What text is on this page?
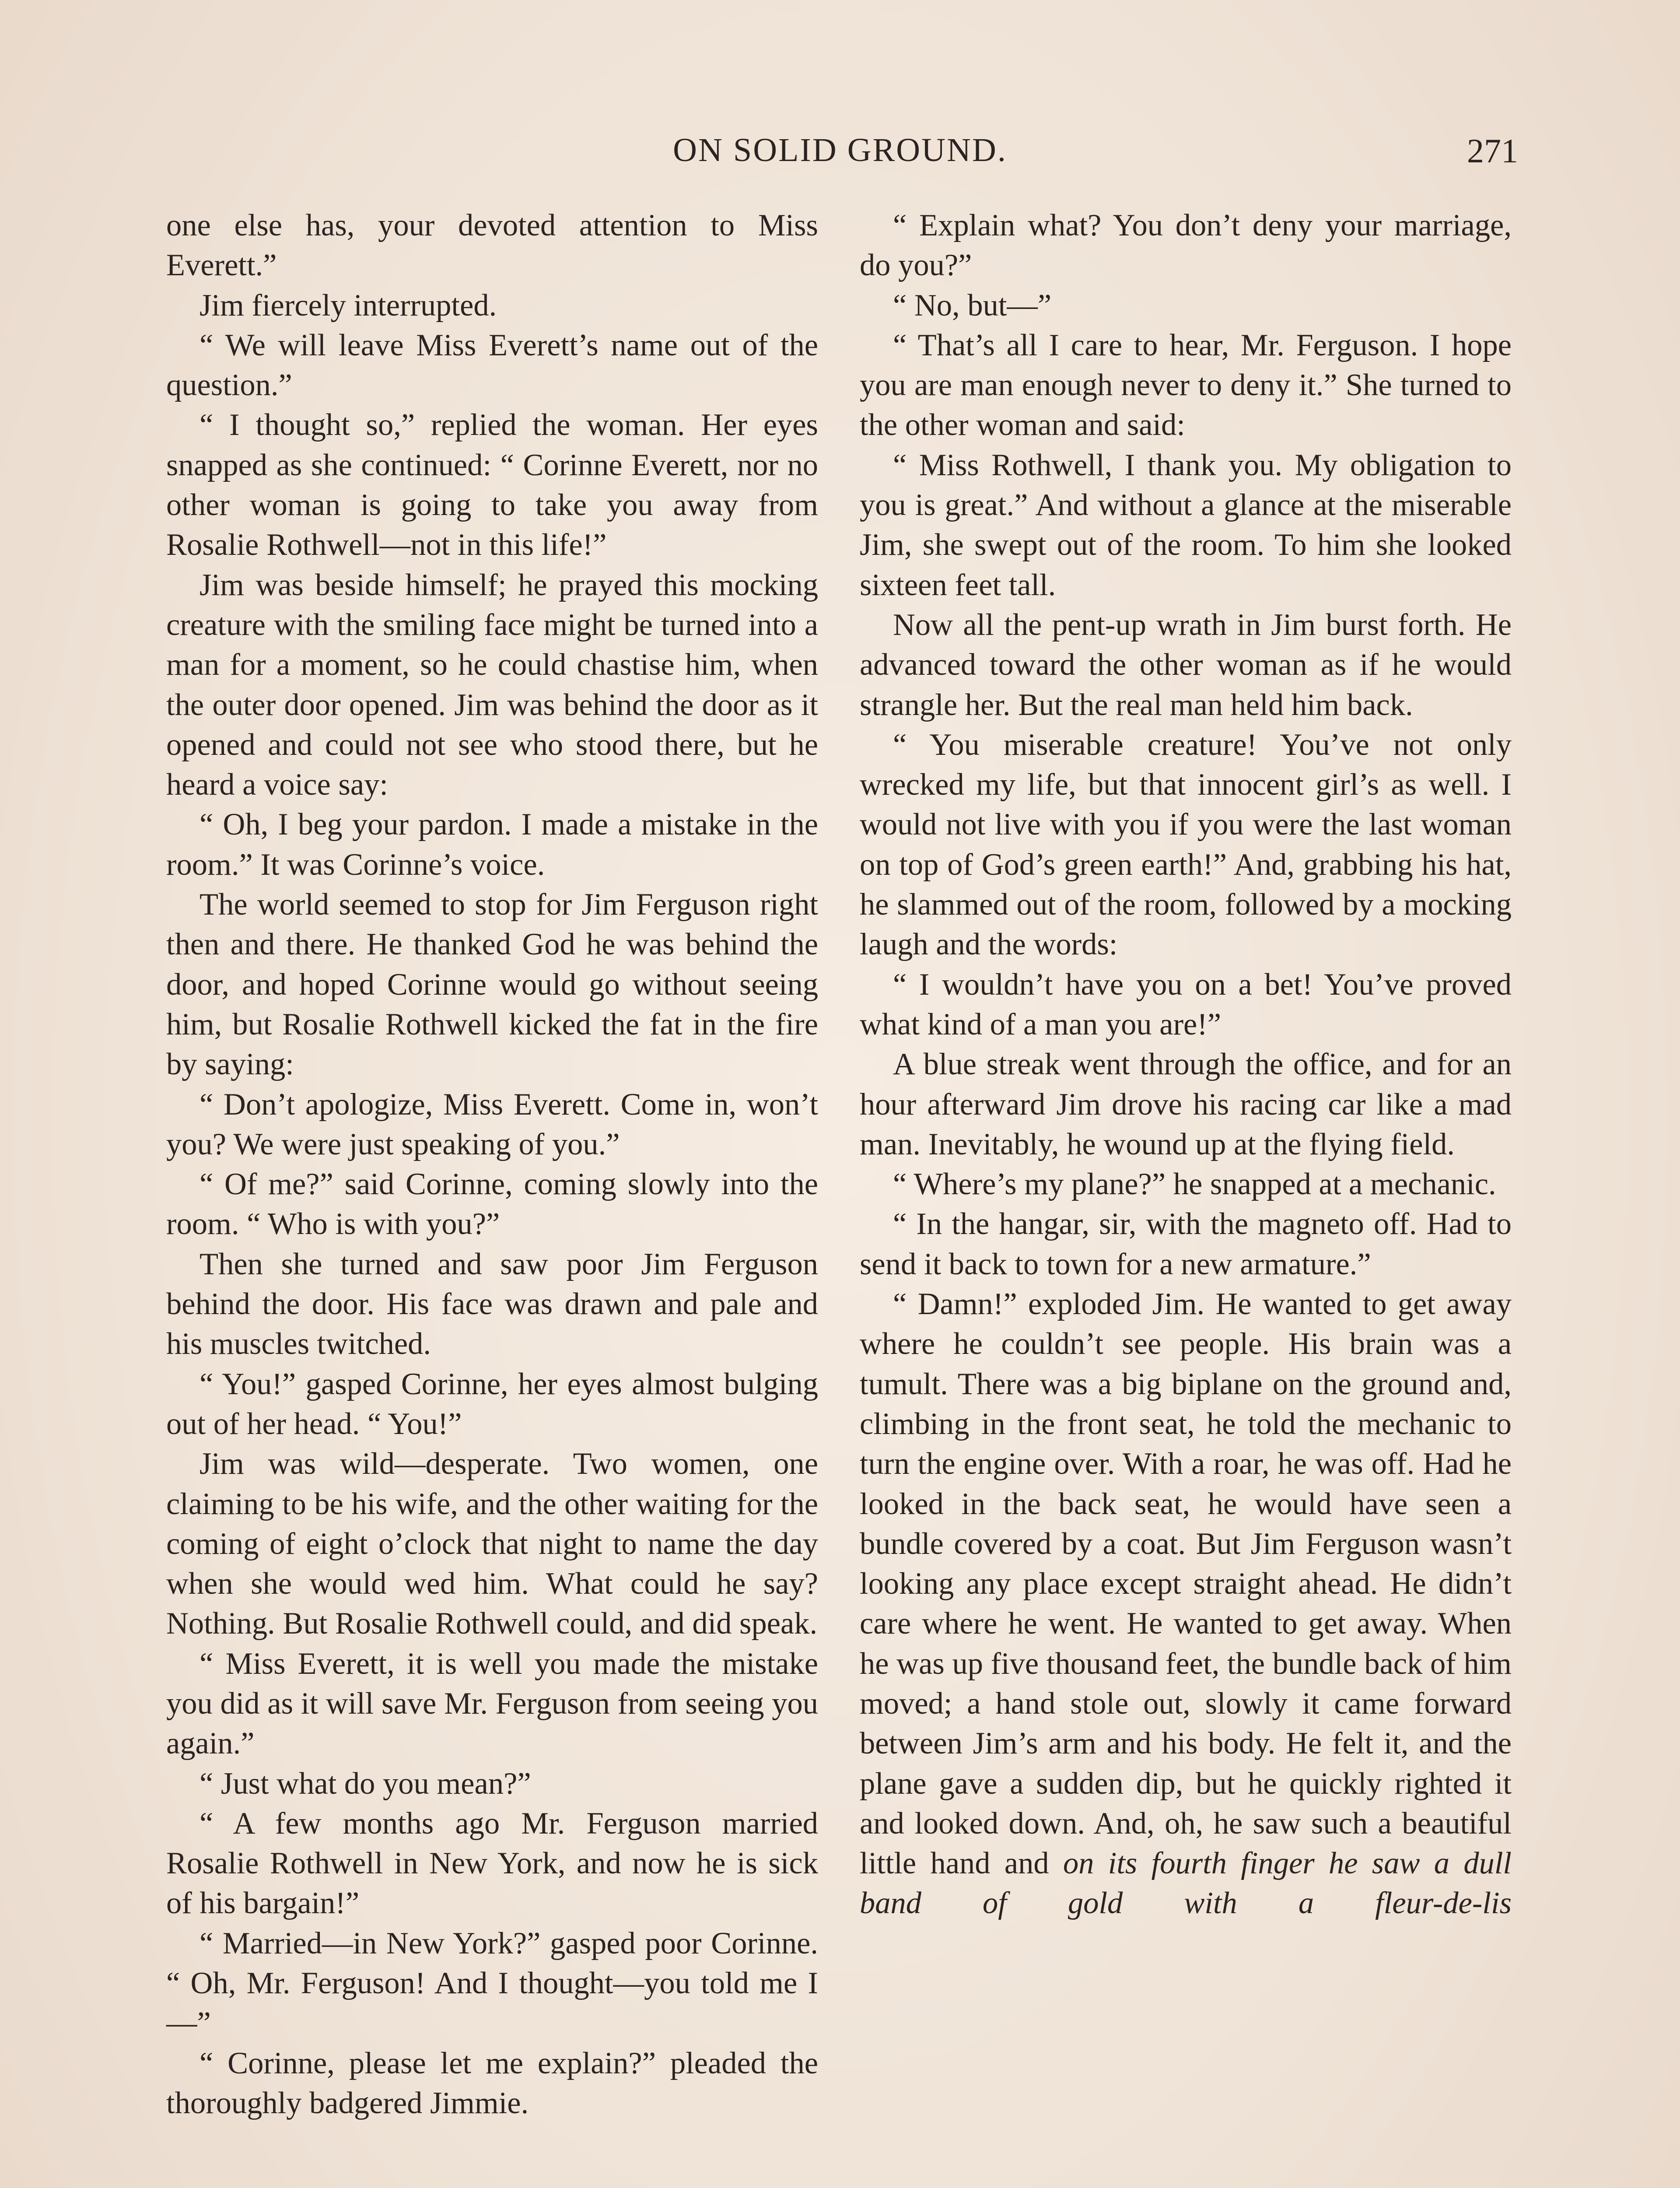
ON SOLID GROUND.	271

one else has, your devoted attention to Miss Everett.”

Jim fiercely interrupted.

“ We will leave Miss Everett’s name out of the question.”

“ I thought so,” replied the woman. Her eyes snapped as she continued: “ Corinne Everett, nor no other woman is going to take you away from Rosalie Rothwell—not in this life!”

Jim was beside himself; he prayed this mocking creature with the smiling face might be turned into a man for a moment, so he could chastise him, when the outer door opened. Jim was behind the door as it opened and could not see who stood there, but he heard a voice say:

“ Oh, I beg your pardon. I made a mistake in the room.” It was Corinne’s voice.

The world seemed to stop for Jim Ferguson right then and there. He thanked God he was behind the door, and hoped Corinne would go without seeing him, but Rosalie Rothwell kicked the fat in the fire by saying:

“ Don’t apologize, Miss Everett. Come in, won’t you? We were just speaking of you.”

“ Of me?” said Corinne, coming slowly into the room. “ Who is with you?”

Then she turned and saw poor Jim Ferguson behind the door. His face was drawn and pale and his muscles twitched.

“ You!” gasped Corinne, her eyes almost bulging out of her head. “ You!”

Jim was wild—desperate. Two women, one claiming to be his wife, and the other waiting for the coming of eight o’clock that night to name the day when she would wed him. What could he say? Nothing. But Rosalie Rothwell could, and did speak.

“ Miss Everett, it is well you made the mistake you did as it will save Mr. Ferguson from seeing you again.”

“ Just what do you mean?”

“ A few months ago Mr. Ferguson married Rosalie Rothwell in New York, and now he is sick of his bargain!”

“ Married—in New York?” gasped poor Corinne. “ Oh, Mr. Ferguson! And I thought—you told me I—”

“ Corinne, please let me explain?” pleaded the thoroughly badgered Jimmie.

“ Explain what? You don’t deny your marriage, do you?”

“ No, but—”

“ That’s all I care to hear, Mr. Ferguson. I hope you are man enough never to deny it.” She turned to the other woman and said:

“ Miss Rothwell, I thank you. My obligation to you is great.” And without a glance at the miserable Jim, she swept out of the room. To him she looked sixteen feet tall.

Now all the pent-up wrath in Jim burst forth. He advanced toward the other woman as if he would strangle her. But the real man held him back.

“ You miserable creature! You’ve not only wrecked my life, but that innocent girl’s as well. I would not live with you if you were the last woman on top of God’s green earth!” And, grabbing his hat, he slammed out of the room, followed by a mocking laugh and the words:

“ I wouldn’t have you on a bet! You’ve proved what kind of a man you are!”

A blue streak went through the office, and for an hour afterward Jim drove his racing car like a mad man. Inevitably, he wound up at the flying field.

“ Where’s my plane?” he snapped at a mechanic.

“ In the hangar, sir, with the magneto off. Had to send it back to town for a new armature.”

“ Damn!” exploded Jim. He wanted to get away where he couldn’t see people. His brain was a tumult. There was a big biplane on the ground and, climbing in the front seat, he told the mechanic to turn the engine over. With a roar, he was off. Had he looked in the back seat, he would have seen a bundle covered by a coat. But Jim Ferguson wasn’t looking any place except straight ahead. He didn’t care where he went. He wanted to get away. When he was up five thousand feet, the bundle back of him moved; a hand stole out, slowly it came forward between Jim’s arm and his body. He felt it, and the plane gave a sudden dip, but he quickly righted it and looked down. And, oh, he saw such a beautiful little hand and on its fourth finger he saw a dull band of gold with a fleur-de-lis
